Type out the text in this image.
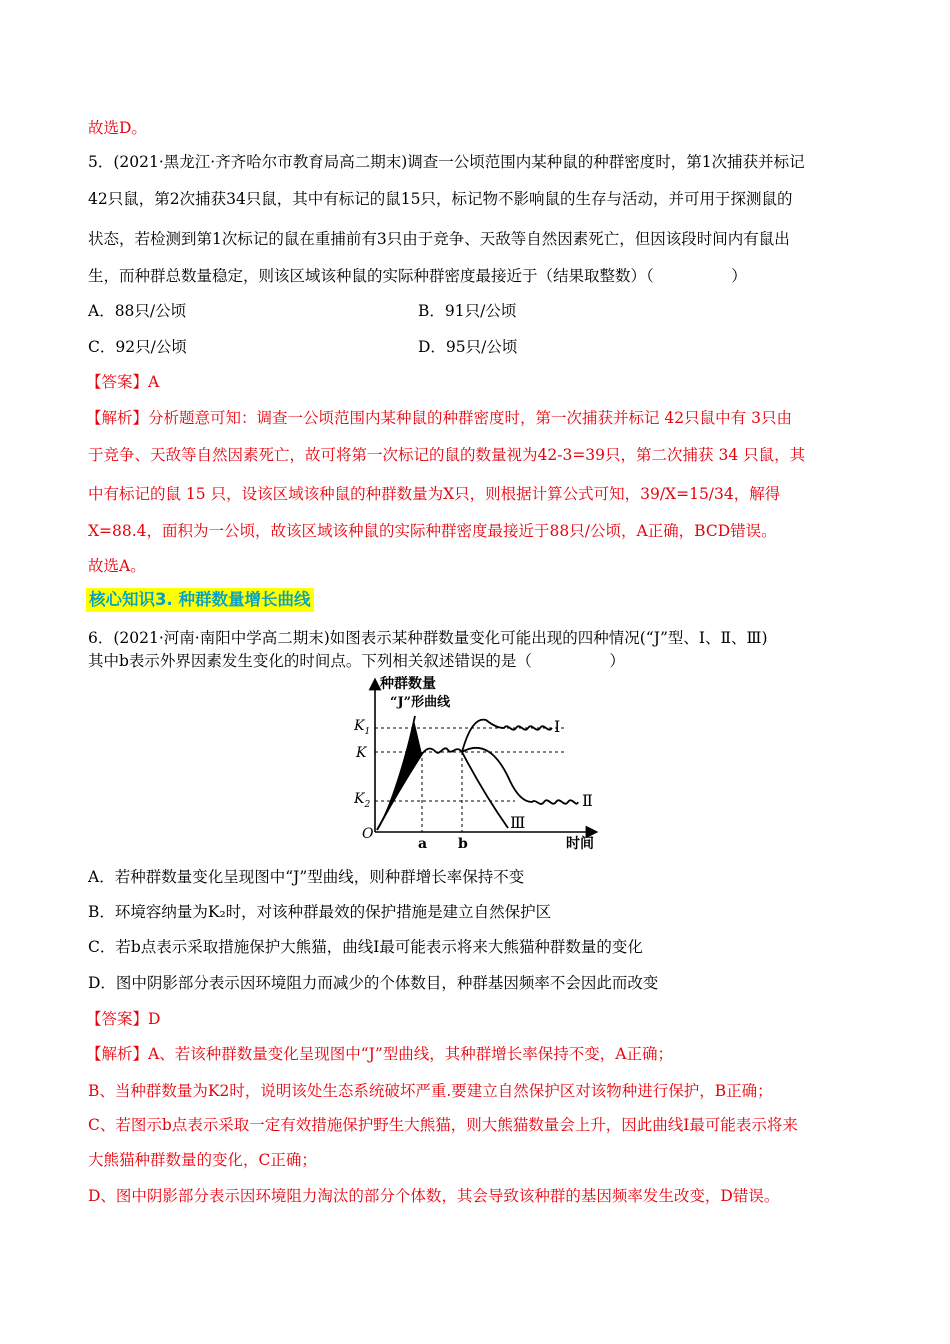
故选D。
5．(2021·黑龙江·齐齐哈尔市教育局高二期末)调查一公顷范围内某种鼠的种群密度时，第1次捕获并标记
42只鼠，第2次捕获34只鼠，其中有标记的鼠15只，标记物不影响鼠的生存与活动，并可用于探测鼠的
状态，若检测到第1次标记的鼠在重捕前有3只由于竞争、天敌等自然因素死亡，但因该段时间内有鼠出
生，而种群总数量稳定，则该区域该种鼠的实际种群密度最接近于（结果取整数）（　　　　　）
A．88只/公顷	B．91只/公顷
C．92只/公顷	D．95只/公顷
【答案】A
【解析】分析题意可知：调查一公顷范围内某种鼠的种群密度时，第一次捕获并标记 42只鼠中有 3只由
于竞争、天敌等自然因素死亡，故可将第一次标记的鼠的数量视为42-3=39只，第二次捕获 34 只鼠，其
中有标记的鼠 15 只，设该区域该种鼠的种群数量为X只，则根据计算公式可知，39/X=15/34，解得
X=88.4，面积为一公顷，故该区域该种鼠的实际种群密度最接近于88只/公顷，A正确，BCD错误。
故选A。
核心知识3. 种群数量增长曲线
6．(2021·河南·南阳中学高二期末)如图表示某种群数量变化可能出现的四种情况(“J”型、Ⅰ、Ⅱ、Ⅲ)
其中b表示外界因素发生变化的时间点。下列相关叙述错误的是（　　　　　）
种群数量
时间
“J”形曲线
$K_1$
K
$K_2$
O
a b
Ⅰ
Ⅱ
Ⅲ
A．若种群数量变化呈现图中“J”型曲线，则种群增长率保持不变
B．环境容纳量为K₂时，对该种群最效的保护措施是建立自然保护区
C．若b点表示采取措施保护大熊猫，曲线Ⅰ最可能表示将来大熊猫种群数量的变化
D．图中阴影部分表示因环境阻力而减少的个体数目，种群基因频率不会因此而改变
【答案】D
【解析】A、若该种群数量变化呈现图中“J”型曲线，其种群增长率保持不变，A正确；
B、当种群数量为K2时，说明该处生态系统破坏严重.要建立自然保护区对该物种进行保护，B正确；
C、若图示b点表示采取一定有效措施保护野生大熊猫，则大熊猫数量会上升，因此曲线Ⅰ最可能表示将来
大熊猫种群数量的变化，C正确；
D、图中阴影部分表示因环境阻力淘汰的部分个体数，其会导致该种群的基因频率发生改变，D错误。
